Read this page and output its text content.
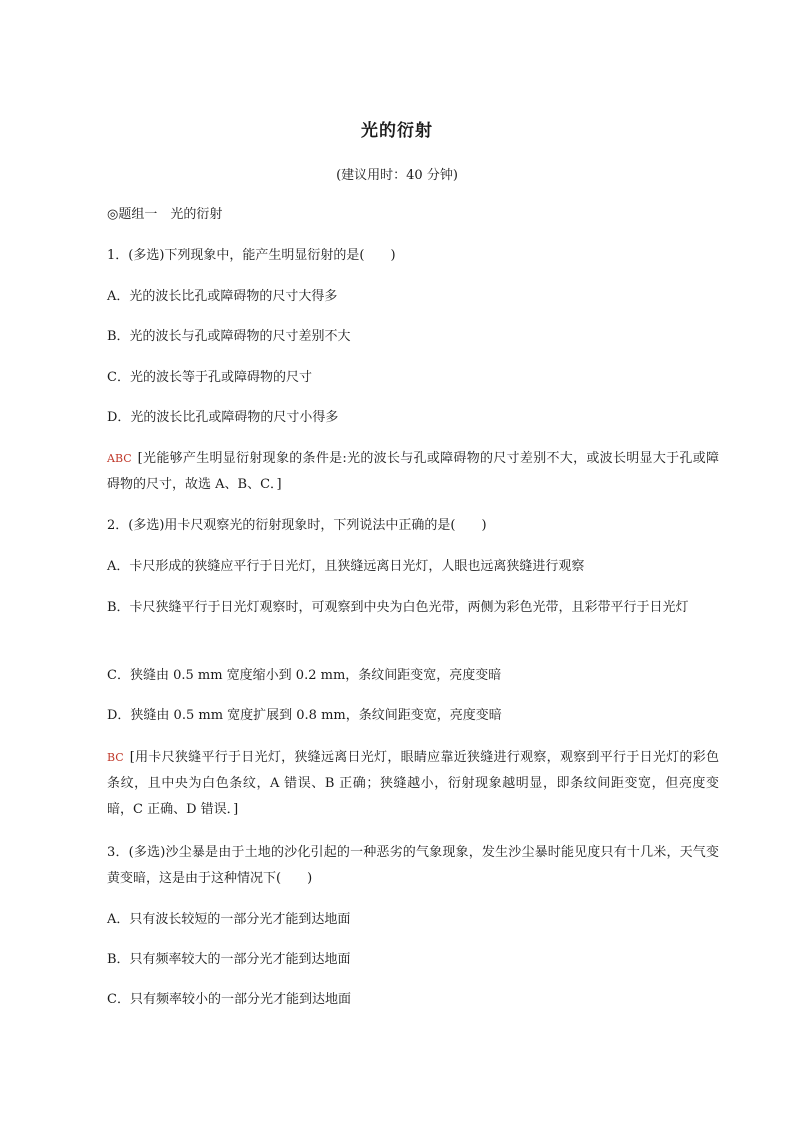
光的衍射
(建议用时：40 分钟)
◎题组一　光的衍射
1．(多选)下列现象中，能产生明显衍射的是(　　)
A．光的波长比孔或障碍物的尺寸大得多
B．光的波长与孔或障碍物的尺寸差别不大
C．光的波长等于孔或障碍物的尺寸
D．光的波长比孔或障碍物的尺寸小得多
ABC [光能够产生明显衍射现象的条件是:光的波长与孔或障碍物的尺寸差别不大，或波长明显大于孔或障碍物的尺寸，故选 A、B、C．]
2．(多选)用卡尺观察光的衍射现象时，下列说法中正确的是(　　)
A．卡尺形成的狭缝应平行于日光灯，且狭缝远离日光灯，人眼也远离狭缝进行观察
B．卡尺狭缝平行于日光灯观察时，可观察到中央为白色光带，两侧为彩色光带，且彩带平行于日光灯
C．狭缝由 0.5 mm 宽度缩小到 0.2 mm，条纹间距变宽，亮度变暗
D．狭缝由 0.5 mm 宽度扩展到 0.8 mm，条纹间距变宽，亮度变暗
BC [用卡尺狭缝平行于日光灯，狭缝远离日光灯，眼睛应靠近狭缝进行观察，观察到平行于日光灯的彩色条纹，且中央为白色条纹，A 错误、B 正确；狭缝越小，衍射现象越明显，即条纹间距变宽，但亮度变暗，C 正确、D 错误．]
3．(多选)沙尘暴是由于土地的沙化引起的一种恶劣的气象现象，发生沙尘暴时能见度只有十几米，天气变黄变暗，这是由于这种情况下(　　)
A．只有波长较短的一部分光才能到达地面
B．只有频率较大的一部分光才能到达地面
C．只有频率较小的一部分光才能到达地面
